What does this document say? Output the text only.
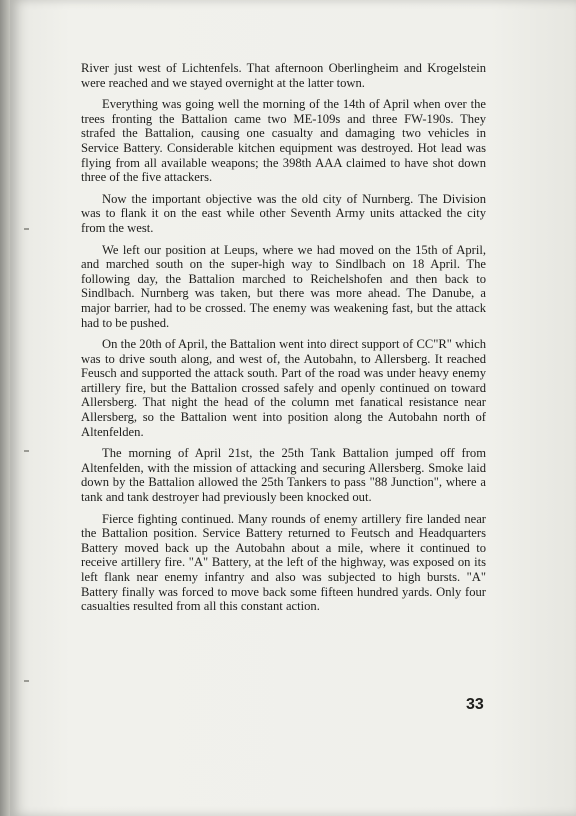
River just west of Lichtenfels. That afternoon Oberlingheim and Krogelstein were reached and we stayed overnight at the latter town.

Everything was going well the morning of the 14th of April when over the trees fronting the Battalion came two ME-109s and three FW-190s. They strafed the Battalion, causing one casualty and damaging two vehicles in Service Battery. Considerable kitchen equipment was destroyed. Hot lead was flying from all available weapons; the 398th AAA claimed to have shot down three of the five attackers.

Now the important objective was the old city of Nurnberg. The Division was to flank it on the east while other Seventh Army units attacked the city from the west.

We left our position at Leups, where we had moved on the 15th of April, and marched south on the super-high way to Sindlbach on 18 April. The following day, the Battalion marched to Reichelshofen and then back to Sindlbach. Nurnberg was taken, but there was more ahead. The Danube, a major barrier, had to be crossed. The enemy was weakening fast, but the attack had to be pushed.

On the 20th of April, the Battalion went into direct support of CC"R" which was to drive south along, and west of, the Autobahn, to Allersberg. It reached Feusch and supported the attack south. Part of the road was under heavy enemy artillery fire, but the Battalion crossed safely and openly continued on toward Allersberg. That night the head of the column met fanatical resistance near Allersberg, so the Battalion went into position along the Autobahn north of Altenfelden.

The morning of April 21st, the 25th Tank Battalion jumped off from Altenfelden, with the mission of attacking and securing Allersberg. Smoke laid down by the Battalion allowed the 25th Tankers to pass "88 Junction", where a tank and tank destroyer had previously been knocked out.

Fierce fighting continued. Many rounds of enemy artillery fire landed near the Battalion position. Service Battery returned to Feutsch and Headquarters Battery moved back up the Autobahn about a mile, where it continued to receive artillery fire. "A" Battery, at the left of the highway, was exposed on its left flank near enemy infantry and also was subjected to high bursts. "A" Battery finally was forced to move back some fifteen hundred yards. Only four casualties resulted from all this constant action.

33
